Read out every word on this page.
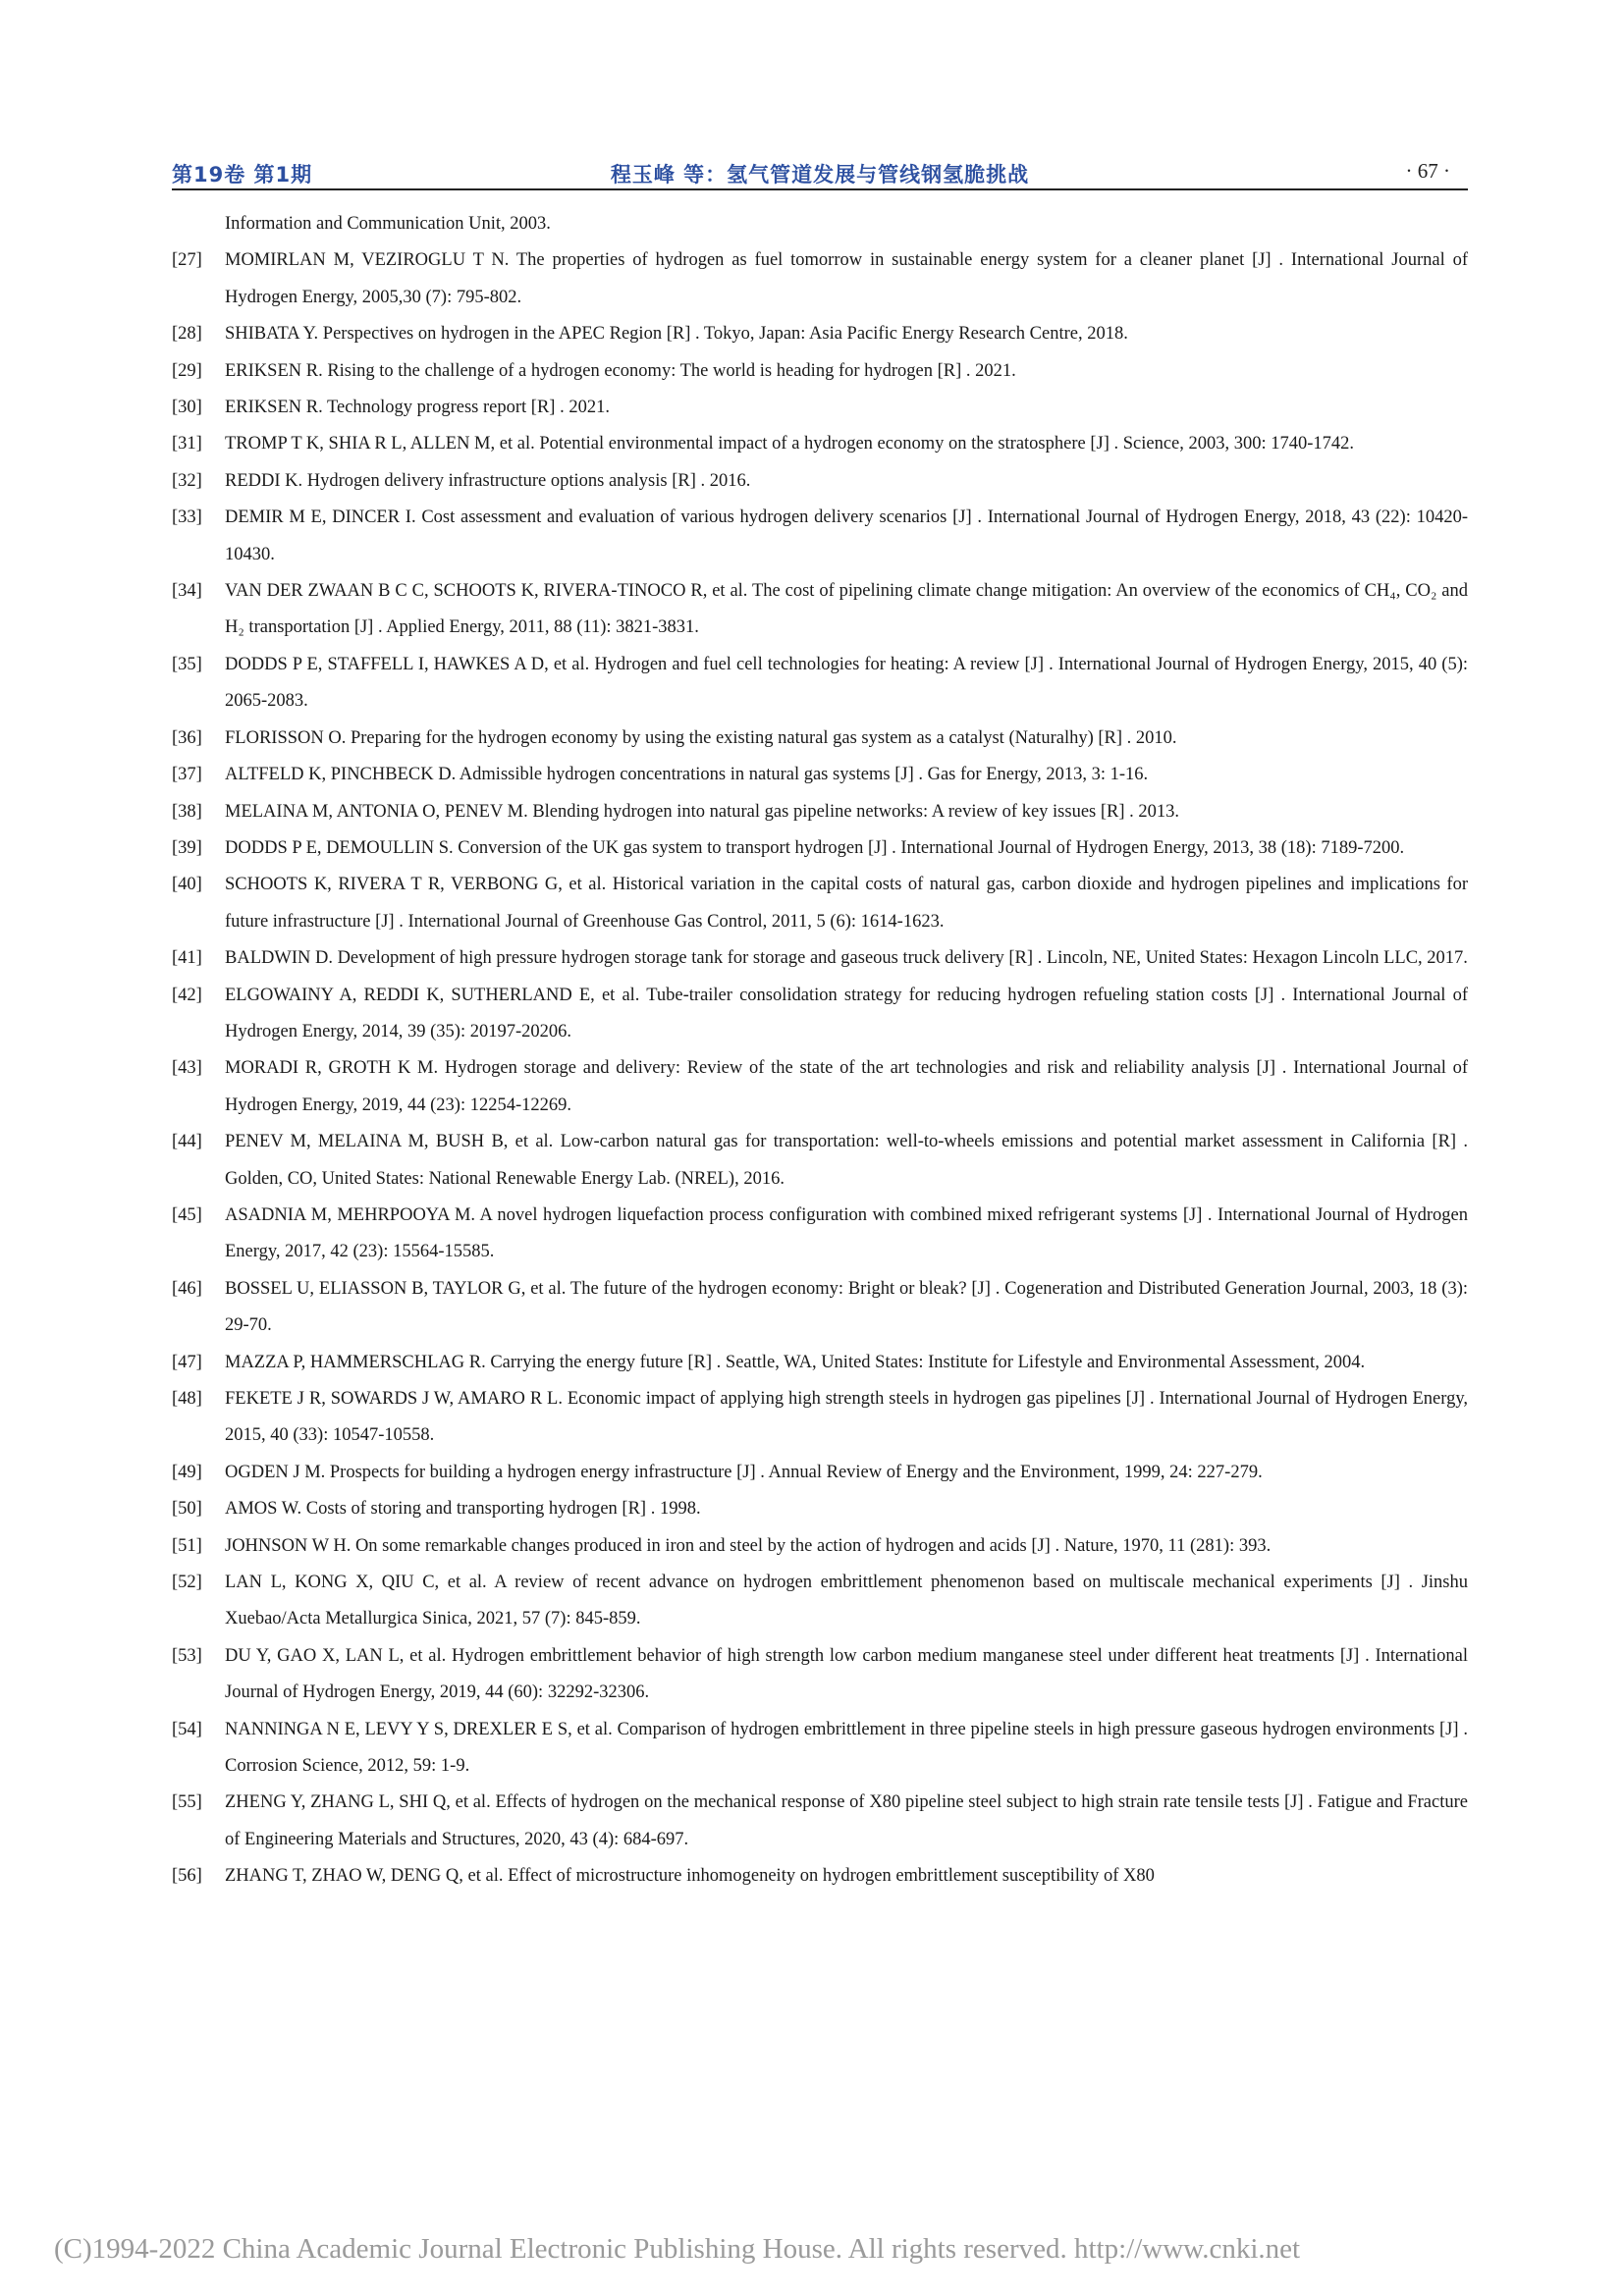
第19卷 第1期	程玉峰 等：氢气管道发展与管线钢氢脆挑战	· 67 ·
Information and Communication Unit, 2003.
[27] MOMIRLAN M, VEZIROGLU T N. The properties of hydrogen as fuel tomorrow in sustainable energy system for a cleaner planet [J] . International Journal of Hydrogen Energy, 2005,30 (7): 795-802.
[28] SHIBATA Y. Perspectives on hydrogen in the APEC Region [R] . Tokyo, Japan: Asia Pacific Energy Research Centre, 2018.
[29] ERIKSEN R. Rising to the challenge of a hydrogen economy: The world is heading for hydrogen [R] . 2021.
[30] ERIKSEN R. Technology progress report [R] . 2021.
[31] TROMP T K, SHIA R L, ALLEN M, et al. Potential environmental impact of a hydrogen economy on the stratosphere [J] . Science, 2003, 300: 1740-1742.
[32] REDDI K. Hydrogen delivery infrastructure options analysis [R] . 2016.
[33] DEMIR M E, DINCER I. Cost assessment and evaluation of various hydrogen delivery scenarios [J] . International Journal of Hydrogen Energy, 2018, 43 (22): 10420-10430.
[34] VAN DER ZWAAN B C C, SCHOOTS K, RIVERA-TINOCO R, et al. The cost of pipelining climate change mitigation: An overview of the economics of CH₄, CO₂ and H₂ transportation [J] . Applied Energy, 2011, 88 (11): 3821-3831.
[35] DODDS P E, STAFFELL I, HAWKES A D, et al. Hydrogen and fuel cell technologies for heating: A review [J] . International Journal of Hydrogen Energy, 2015, 40 (5): 2065-2083.
[36] FLORISSON O. Preparing for the hydrogen economy by using the existing natural gas system as a catalyst (Naturalhy) [R] . 2010.
[37] ALTFELD K, PINCHBECK D. Admissible hydrogen concentrations in natural gas systems [J] . Gas for Energy, 2013, 3: 1-16.
[38] MELAINA M, ANTONIA O, PENEV M. Blending hydrogen into natural gas pipeline networks: A review of key issues [R] . 2013.
[39] DODDS P E, DEMOULLIN S. Conversion of the UK gas system to transport hydrogen [J] . International Journal of Hydrogen Energy, 2013, 38 (18): 7189-7200.
[40] SCHOOTS K, RIVERA T R, VERBONG G, et al. Historical variation in the capital costs of natural gas, carbon dioxide and hydrogen pipelines and implications for future infrastructure [J] . International Journal of Greenhouse Gas Control, 2011, 5 (6): 1614-1623.
[41] BALDWIN D. Development of high pressure hydrogen storage tank for storage and gaseous truck delivery [R] . Lincoln, NE, United States: Hexagon Lincoln LLC, 2017.
[42] ELGOWAINY A, REDDI K, SUTHERLAND E, et al. Tube-trailer consolidation strategy for reducing hydrogen refueling station costs [J] . International Journal of Hydrogen Energy, 2014, 39 (35): 20197-20206.
[43] MORADI R, GROTH K M. Hydrogen storage and delivery: Review of the state of the art technologies and risk and reliability analysis [J] . International Journal of Hydrogen Energy, 2019, 44 (23): 12254-12269.
[44] PENEV M, MELAINA M, BUSH B, et al. Low-carbon natural gas for transportation: well-to-wheels emissions and potential market assessment in California [R] . Golden, CO, United States: National Renewable Energy Lab. (NREL), 2016.
[45] ASADNIA M, MEHRPOOYA M. A novel hydrogen liquefaction process configuration with combined mixed refrigerant systems [J] . International Journal of Hydrogen Energy, 2017, 42 (23): 15564-15585.
[46] BOSSEL U, ELIASSON B, TAYLOR G, et al. The future of the hydrogen economy: Bright or bleak? [J] . Cogeneration and Distributed Generation Journal, 2003, 18 (3): 29-70.
[47] MAZZA P, HAMMERSCHLAG R. Carrying the energy future [R] . Seattle, WA, United States: Institute for Lifestyle and Environmental Assessment, 2004.
[48] FEKETE J R, SOWARDS J W, AMARO R L. Economic impact of applying high strength steels in hydrogen gas pipelines [J] . International Journal of Hydrogen Energy, 2015, 40 (33): 10547-10558.
[49] OGDEN J M. Prospects for building a hydrogen energy infrastructure [J] . Annual Review of Energy and the Environment, 1999, 24: 227-279.
[50] AMOS W. Costs of storing and transporting hydrogen [R] . 1998.
[51] JOHNSON W H. On some remarkable changes produced in iron and steel by the action of hydrogen and acids [J] . Nature, 1970, 11 (281): 393.
[52] LAN L, KONG X, QIU C, et al. A review of recent advance on hydrogen embrittlement phenomenon based on multiscale mechanical experiments [J] . Jinshu Xuebao/Acta Metallurgica Sinica, 2021, 57 (7): 845-859.
[53] DU Y, GAO X, LAN L, et al. Hydrogen embrittlement behavior of high strength low carbon medium manganese steel under different heat treatments [J] . International Journal of Hydrogen Energy, 2019, 44 (60): 32292-32306.
[54] NANNINGA N E, LEVY Y S, DREXLER E S, et al. Comparison of hydrogen embrittlement in three pipeline steels in high pressure gaseous hydrogen environments [J] . Corrosion Science, 2012, 59: 1-9.
[55] ZHENG Y, ZHANG L, SHI Q, et al. Effects of hydrogen on the mechanical response of X80 pipeline steel subject to high strain rate tensile tests [J] . Fatigue and Fracture of Engineering Materials and Structures, 2020, 43 (4): 684-697.
[56] ZHANG T, ZHAO W, DENG Q, et al. Effect of microstructure inhomogeneity on hydrogen embrittlement susceptibility of X80
(C)1994-2022 China Academic Journal Electronic Publishing House. All rights reserved. http://www.cnki.net
